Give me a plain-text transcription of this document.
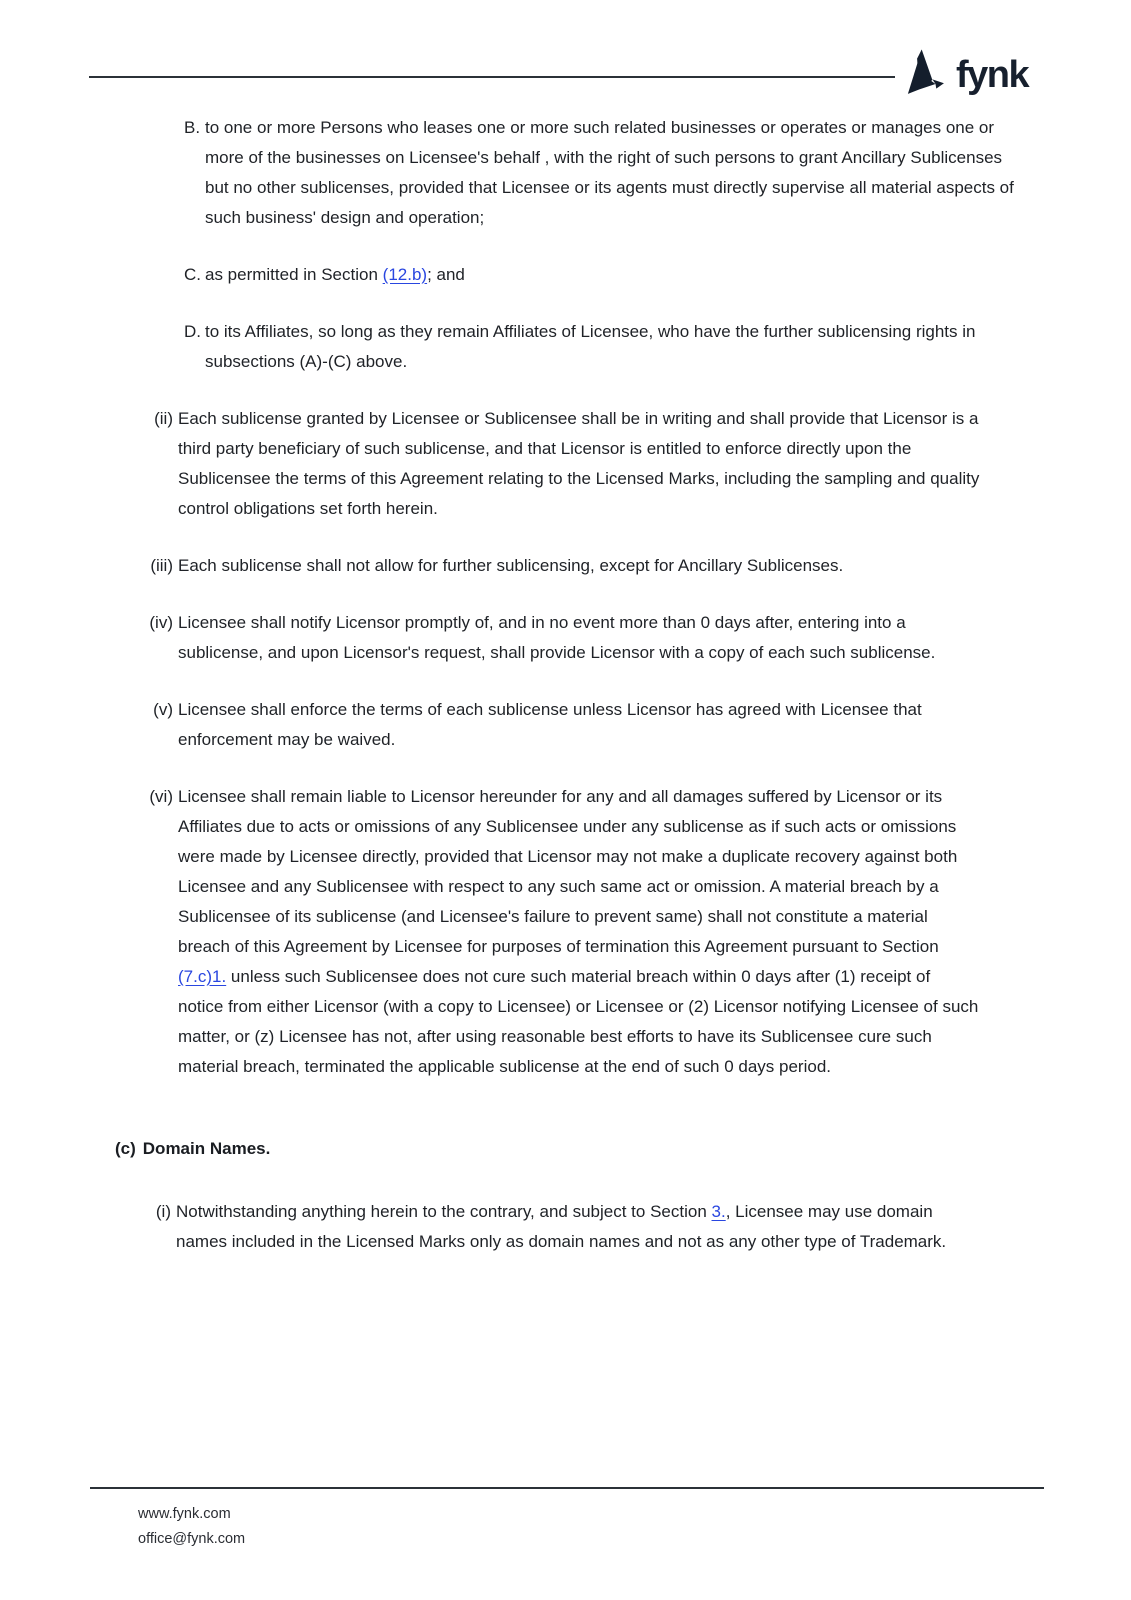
fynk
B. to one or more Persons who leases one or more such related businesses or operates or manages one or more of the businesses on Licensee's behalf , with the right of such persons to grant Ancillary Sublicenses but no other sublicenses, provided that Licensee or its agents must directly supervise all material aspects of such business' design and operation;
C. as permitted in Section (12.b); and
D. to its Affiliates, so long as they remain Affiliates of Licensee, who have the further sublicensing rights in subsections (A)-(C) above.
(ii) Each sublicense granted by Licensee or Sublicensee shall be in writing and shall provide that Licensor is a third party beneficiary of such sublicense, and that Licensor is entitled to enforce directly upon the Sublicensee the terms of this Agreement relating to the Licensed Marks, including the sampling and quality control obligations set forth herein.
(iii) Each sublicense shall not allow for further sublicensing, except for Ancillary Sublicenses.
(iv) Licensee shall notify Licensor promptly of, and in no event more than 0 days after, entering into a sublicense, and upon Licensor's request, shall provide Licensor with a copy of each such sublicense.
(v) Licensee shall enforce the terms of each sublicense unless Licensor has agreed with Licensee that enforcement may be waived.
(vi) Licensee shall remain liable to Licensor hereunder for any and all damages suffered by Licensor or its Affiliates due to acts or omissions of any Sublicensee under any sublicense as if such acts or omissions were made by Licensee directly, provided that Licensor may not make a duplicate recovery against both Licensee and any Sublicensee with respect to any such same act or omission. A material breach by a Sublicensee of its sublicense (and Licensee's failure to prevent same) shall not constitute a material breach of this Agreement by Licensee for purposes of termination this Agreement pursuant to Section (7.c)1. unless such Sublicensee does not cure such material breach within 0 days after (1) receipt of notice from either Licensor (with a copy to Licensee) or Licensee or (2) Licensor notifying Licensee of such matter, or (z) Licensee has not, after using reasonable best efforts to have its Sublicensee cure such material breach, terminated the applicable sublicense at the end of such 0 days period.
(c) Domain Names.
(i) Notwithstanding anything herein to the contrary, and subject to Section 3., Licensee may use domain names included in the Licensed Marks only as domain names and not as any other type of Trademark.
www.fynk.com
office@fynk.com
